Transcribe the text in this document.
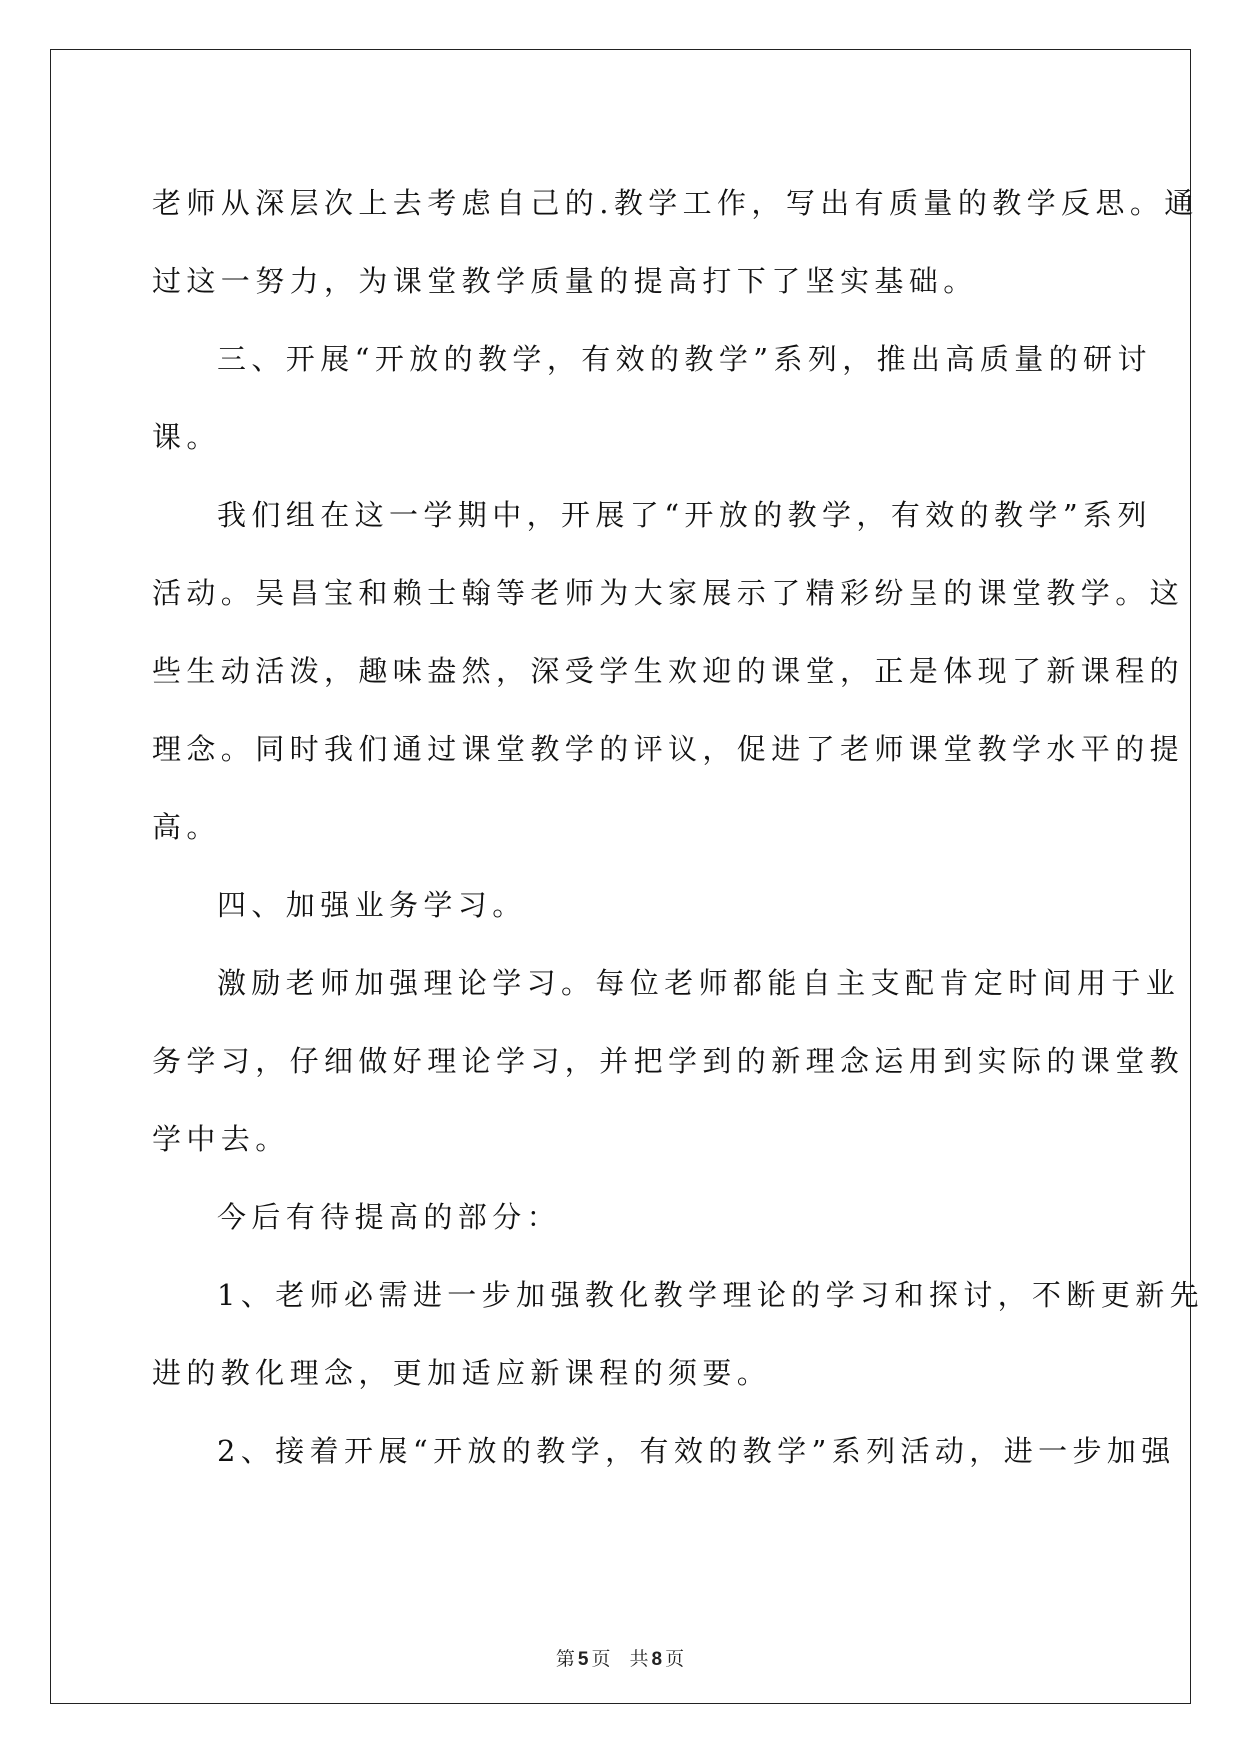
老师从深层次上去考虑自己的.教学工作，写出有质量的教学反思。通

过这一努力，为课堂教学质量的提高打下了坚实基础。

三、开展“开放的教学，有效的教学”系列，推出高质量的研讨

课。

我们组在这一学期中，开展了“开放的教学，有效的教学”系列

活动。吴昌宝和赖士翰等老师为大家展示了精彩纷呈的课堂教学。这

些生动活泼，趣味盎然，深受学生欢迎的课堂，正是体现了新课程的

理念。同时我们通过课堂教学的评议，促进了老师课堂教学水平的提

高。

四、加强业务学习。

激励老师加强理论学习。每位老师都能自主支配肯定时间用于业

务学习，仔细做好理论学习，并把学到的新理念运用到实际的课堂教

学中去。

今后有待提高的部分：

1、老师必需进一步加强教化教学理论的学习和探讨，不断更新先

进的教化理念，更加适应新课程的须要。

2、接着开展“开放的教学，有效的教学”系列活动，进一步加强

第 5 页 共 8 页
